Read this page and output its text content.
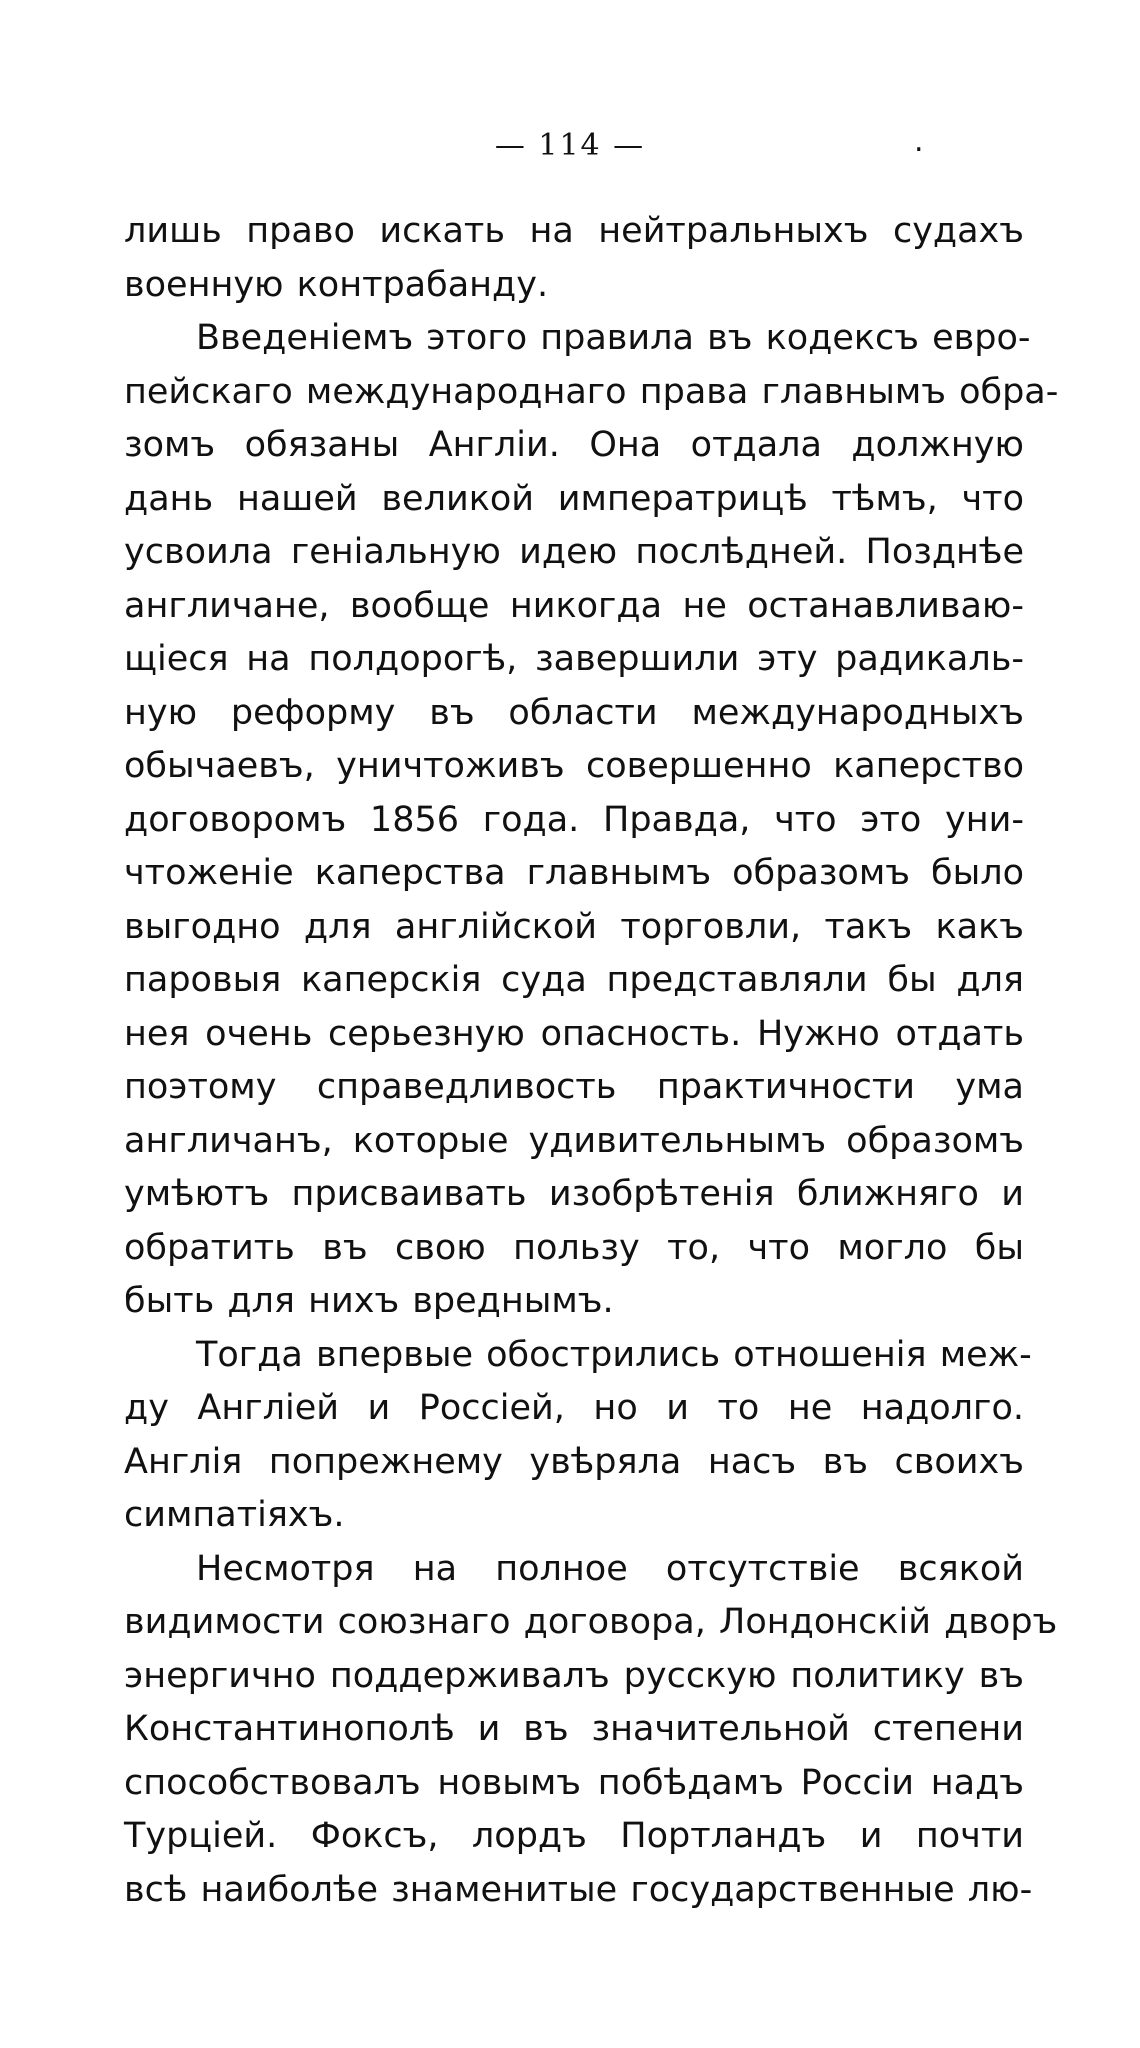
— 114 —	.
лишь право искать на нейтральныхъ судахъ
военную контрабанду.
Введеніемъ этого правила въ кодексъ евро-
пейскаго международнаго права главнымъ обра-
зомъ обязаны Англіи. Она отдала должную
дань нашей великой императрицѣ тѣмъ, что
усвоила геніальную идею послѣдней. Позднѣе
англичане, вообще никогда не останавливаю-
щіеся на полдорогѣ, завершили эту радикаль-
ную реформу въ области международныхъ
обычаевъ, уничтоживъ совершенно каперство
договоромъ 1856 года. Правда, что это уни-
чтоженіе каперства главнымъ образомъ было
выгодно для англійской торговли, такъ какъ
паровыя каперскія суда представляли бы для
нея очень серьезную опасность. Нужно отдать
поэтому справедливость практичности ума
англичанъ, которые удивительнымъ образомъ
умѣютъ присваивать изобрѣтенія ближняго и
обратить въ свою пользу то, что могло бы
быть для нихъ вреднымъ.
Тогда впервые обострились отношенія меж-
ду Англіей и Россіей, но и то не надолго.
Англія попрежнему увѣряла насъ въ своихъ
симпатіяхъ.
Несмотря на полное отсутствіе всякой
видимости союзнаго договора, Лондонскій дворъ
энергично поддерживалъ русскую политику въ
Константинополѣ и въ значительной степени
способствовалъ новымъ побѣдамъ Россіи надъ
Турціей. Фоксъ, лордъ Портландъ и почти
всѣ наиболѣе знаменитые государственные лю-
